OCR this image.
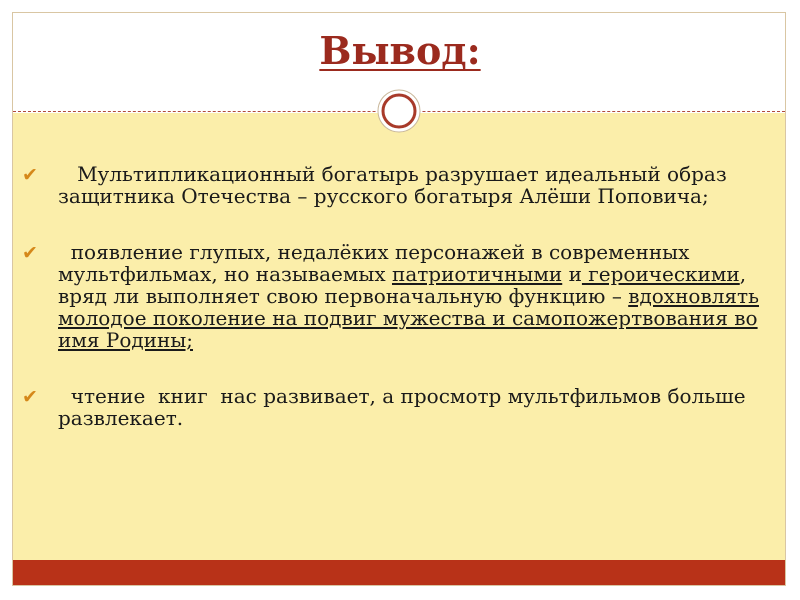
Вывод:
✔ Мультипликационный богатырь разрушает идеальный образ защитника Отечества – русского богатыря Алёши Поповича;
✔ появление глупых, недалёких персонажей в современных мультфильмах, но называемых патриотичными и героическими, вряд ли выполняет свою первоначальную функцию – вдохновлять молодое поколение на подвиг мужества и самопожертвования во имя Родины;
✔ чтение  книг  нас развивает, а просмотр мультфильмов больше развлекает.
